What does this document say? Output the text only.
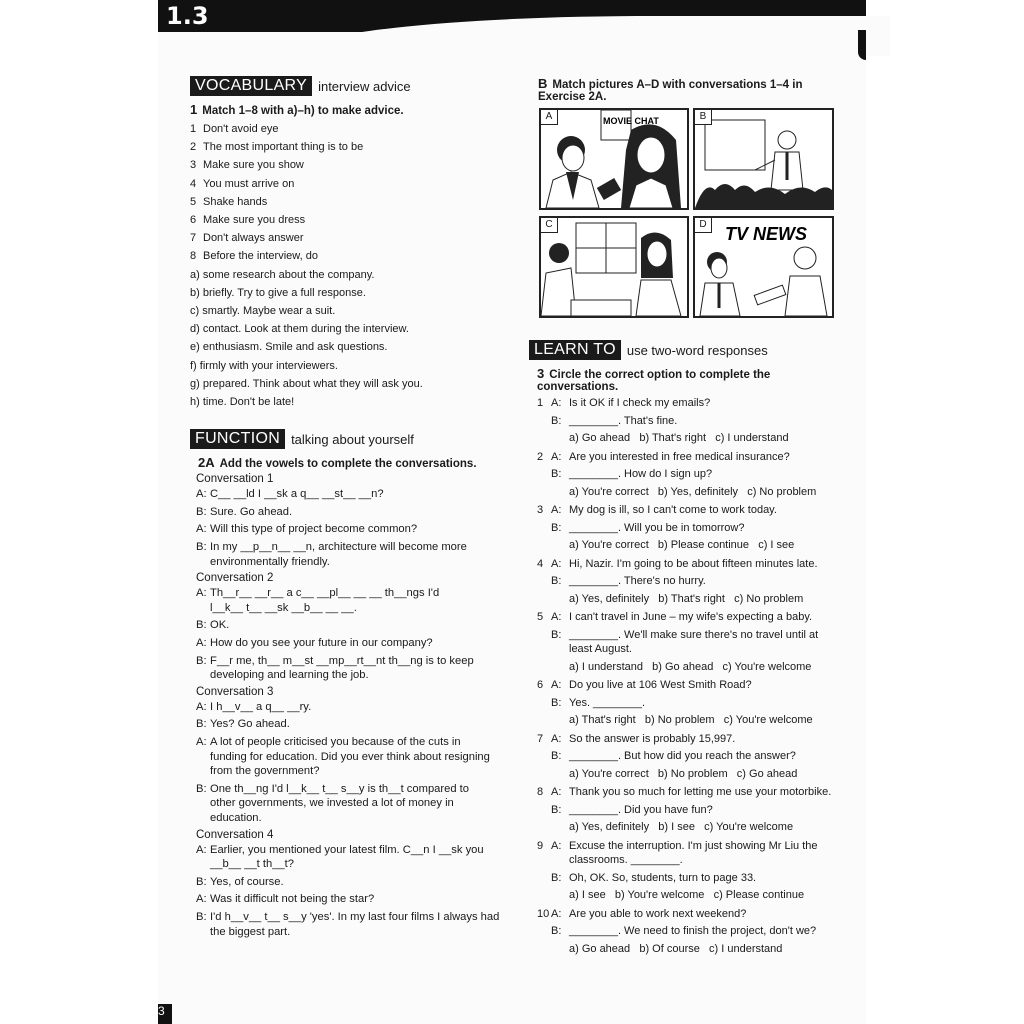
1.3
3
VOCABULARY interview advice
1 Match 1–8 with a)–h) to make advice.
1 Don't avoid eye
2 The most important thing is to be
3 Make sure you show
4 You must arrive on
5 Shake hands
6 Make sure you dress
7 Don't always answer
8 Before the interview, do
a) some research about the company.
b) briefly. Try to give a full response.
c) smartly. Maybe wear a suit.
d) contact. Look at them during the interview.
e) enthusiasm. Smile and ask questions.
f) firmly with your interviewers.
g) prepared. Think about what they will ask you.
h) time. Don't be late!
FUNCTION talking about yourself
2A Add the vowels to complete the conversations.
Conversation 1
A: C__ __ld I __sk a q__ __st__ __n?
B: Sure. Go ahead.
A: Will this type of project become common?
B: In my __p__n__ __n, architecture will become more
environmentally friendly.
Conversation 2
A: Th__r__ __r__ a c__ __pl__ __ __ th__ngs I'd
l__k__ t__ __sk __b__ __ __.
B: OK.
A: How do you see your future in our company?
B: F__r me, th__ m__st __mp__rt__nt th__ng is to keep
developing and learning the job.
Conversation 3
A: I h__v__ a q__ __ry.
B: Yes? Go ahead.
A: A lot of people criticised you because of the cuts in
funding for education. Did you ever think about resigning
from the government?
B: One th__ng I'd l__k__ t__ s__y is th__t compared to
other governments, we invested a lot of money in
education.
Conversation 4
A: Earlier, you mentioned your latest film. C__n I __sk you
__b__ __t th__t?
B: Yes, of course.
A: Was it difficult not being the star?
B: I'd h__v__ t__ s__y 'yes'. In my last four films I always had
the biggest part.
B Match pictures A–D with conversations 1–4 in Exercise 2A.
MOVIE CHAT
A	B
C	TV NEWS
D
LEARN TO use two-word responses
3 Circle the correct option to complete the conversations.
1 A: Is it OK if I check my emails?
B: ________. That's fine.
a) Go ahead   b) That's right   c) I understand
2 A: Are you interested in free medical insurance?
B: ________. How do I sign up?
a) You're correct   b) Yes, definitely   c) No problem
3 A: My dog is ill, so I can't come to work today.
B: ________. Will you be in tomorrow?
a) You're correct   b) Please continue   c) I see
4 A: Hi, Nazir. I'm going to be about fifteen minutes late.
B: ________. There's no hurry.
a) Yes, definitely   b) That's right   c) No problem
5 A: I can't travel in June – my wife's expecting a baby.
B: ________. We'll make sure there's no travel until at
least August.
a) I understand   b) Go ahead   c) You're welcome
6 A: Do you live at 106 West Smith Road?
B: Yes. ________.
a) That's right   b) No problem   c) You're welcome
7 A: So the answer is probably 15,997.
B: ________. But how did you reach the answer?
a) You're correct   b) No problem   c) Go ahead
8 A: Thank you so much for letting me use your motorbike.
B: ________. Did you have fun?
a) Yes, definitely   b) I see   c) You're welcome
9 A: Excuse the interruption. I'm just showing Mr Liu the
classrooms. ________.
B: Oh, OK. So, students, turn to page 33.
a) I see   b) You're welcome   c) Please continue
10 A: Are you able to work next weekend?
B: ________. We need to finish the project, don't we?
a) Go ahead   b) Of course   c) I understand
